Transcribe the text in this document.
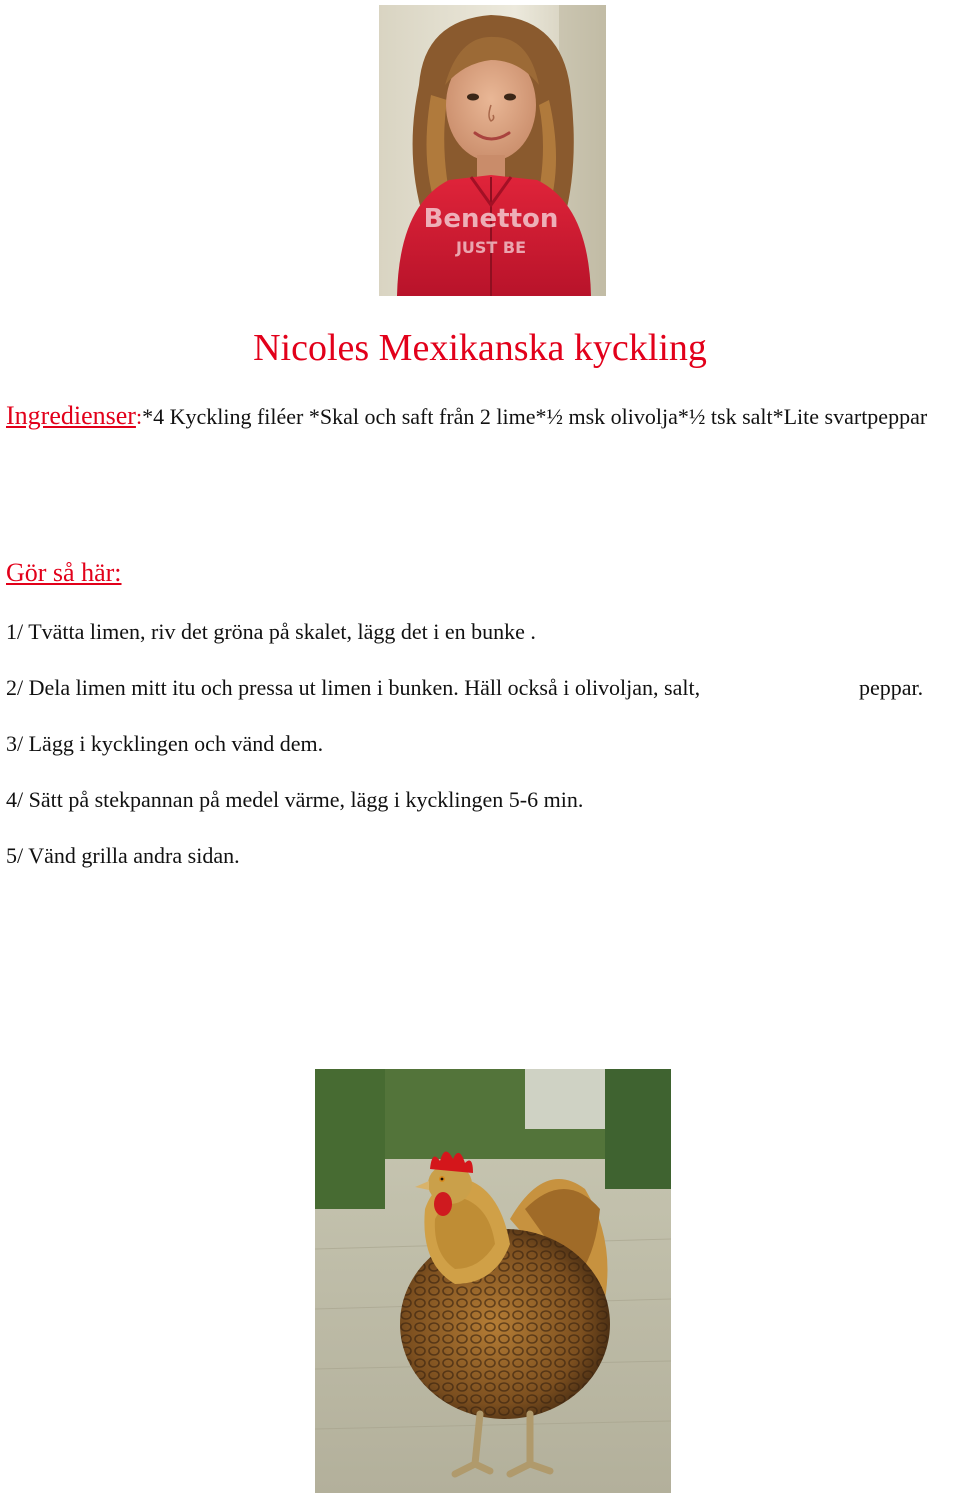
Benetton
JUST BE
Nicoles Mexikanska kyckling

Ingredienser:*4 Kyckling filéer *Skal och saft från 2 lime*½ msk olivolja*½ tsk salt*Lite svartpeppar

Gör så här:

1/ Tvätta limen, riv det gröna på skalet, lägg det i en bunke .

2/ Dela limen mitt itu och pressa ut limen i bunken. Häll också i olivoljan, salt,	peppar.

3/ Lägg i kycklingen och vänd dem.

4/ Sätt på stekpannan på medel värme, lägg i kycklingen 5-6 min.

5/ Vänd grilla andra sidan.
